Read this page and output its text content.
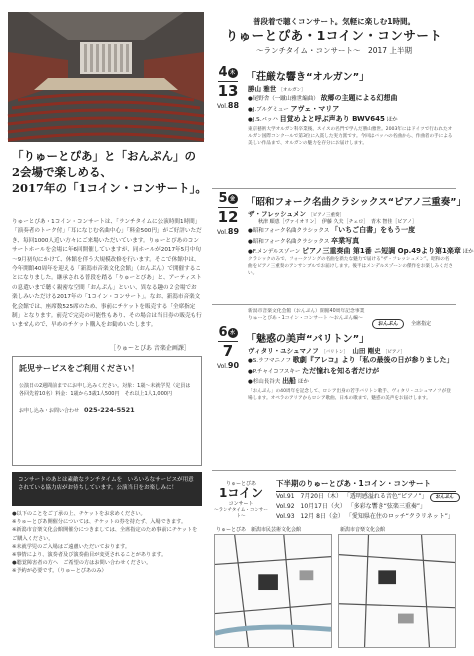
「りゅーとぴあ」と「おんぷん」の
2会場で楽しめる、
2017年の「1コイン・コンサート」。
りゅーとぴあ・1コイン・コンサートは、「ランチタイムに公演時間1時間」「演奏者のトーク付」「耳になじむ名曲中心」「料金500円」がご好評いただき、毎回1000人近い方々にご来場いただいています。りゅーとぴあのコンサートホールを会場に年6回開催していますが、同ホールが2017年5月中旬～9月初旬にかけて、休館を伴う大規模改修を行います。そこで休館中は、今年開館40周年を迎える「新潟市音楽文化会館」（おんぷん）で開催することになりました。継承される普段を踏る「りゅーとぴあ」と、アーティストの息遣いまで聴く親密な空間「おんぷん」といい、異なる趣の２会場でお楽しみいただける2017年の「1コイン・コンサート」。なお、新潟市音楽文化会館では、座席数525席のため、事前にチケットを販売する「全席指定制」となります。前売で完売の可能性もあり、その場合は当日券の販売も行いませんので、早めのチケット購入をお勧めいたします。
［りゅーとぴあ 音楽企画課］
託児サービスをご利用ください！

公演日の2週間前までにお申し込みください。対象：1歳～未就学児（定員は各回先着10名）料金：1歳から3歳1人500円　それ以上1人1,000円

お申し込み・お問い合わせ　 025-224-5521

コンサートのあとは素敵なランチタイムを　いろいろなサービスが用意されている協力店がお待ちしています。公演当日をお楽しみに！
●以下のことをご了承の上、チケットをお求めください。
※りゅーとぴあ開催分については、チケットの券を持たず、入場できます。
※新潟市音楽文化会館開催分につきましては、全席指定のため事前にチケットをご購入ください。
※未就学児のご入場はご遠慮いただいております。
※事情により、演奏者及び演奏曲目が変更されることがあります。
●聴覚障害者の方へ　ご希望の方はお問い合わせください。
※予約が必要です。（りゅーとぴあのみ）
普段着で聴くコンサート。気軽に楽しむ1時間。
りゅーとぴあ・1コイン・コンサート
～ランチタイム・コンサート～　2017 上半期
4 木
13
Vol.88
「荘厳な響き“オルガン”」
勝山 雅世 ［オルガン］
●尾野舎（一蹴山雅世編曲） 故郷の主題による幻想曲
●J.ブルグミュー アヴェ・マリア
●J.S.バッハ 目覚めよと呼ぶ声あり BWV645 ほか
東京藝術大学オルガン科卒業後、スイスの名門で学んだ勝山雅世。2003年にはドイツで行われたオルガン国際コンクールで第3位に入賞した実力派です。今回はバッハの名曲から、作曲者の手による美しい作品まで、オルガンの魅力を存分にお届けします。
5 金
12
Vol.89
「昭和フォーク名曲クラシックス“ピアノ三重奏”」
ザ・フレッシュメン ［ピアノ三重奏］
秋津 順恵［ヴァイオリン］　伊藤 久夫［チェロ］　青木 智佳［ピアノ］
●昭和フォーク名曲クラシックス 「いちご白書」をもう一度
●昭和フォーク名曲クラシックス 卒業写真
●F.メンデルスゾーン ピアノ三重奏曲 第1番 ニ短調 Op.49より第1楽章 ほか
クラシックのみで、フォークソングの名曲を新たな魅力で届ける“ザ・フレッシュメン”。昭和の名曲をピアノ三重奏のアンサンブルでお届けします。後半はメンデルスゾーンの傑作をお楽しみください。
新潟市音楽文化会館（おんぷん）開館40周年記念事業
りゅーとぴあ・1コイン・コンサート ～おんぷん編～
おんぷん	全席指定
6 水
7
Vol.90
「魅惑の美声“バリトン”」
ヴィタリ・ユシュマノフ ［バリトン］　 山田 剛史 ［ピアノ］
●S.ラフマニノフ 歌劇『アレコ』より「私の最後の日が参りました」
●P.チャイコフスキー ただ憧れを知る者だけが
●杉山長谷夫 出船 ほか
「おんぷん」の40周年を記念して、ロシア出身の若手バリトン歌手、ヴィタリ・ユシュマノフが登場します。オペラのアリアからロシア歌曲、日本の歌まで、魅惑の美声をお届けします。
りゅーとぴあ
1コイン
コンサート
～ランチタイム・コンサート～
下半期のりゅーとぴあ・1コイン・コンサート
Vol.91　 7月20日（木） 「透明感溢れる音色“ピアノ”」 おんぷん
Vol.92　 10月17日（火） 「多彩な響き“弦楽三重奏”」
Vol.93　 12月 8日（金） 「愛知県在住のロッチ“クラリネット”」
りゅーとぴあ　新潟市民芸術文化会館	新潟市音楽文化会館
